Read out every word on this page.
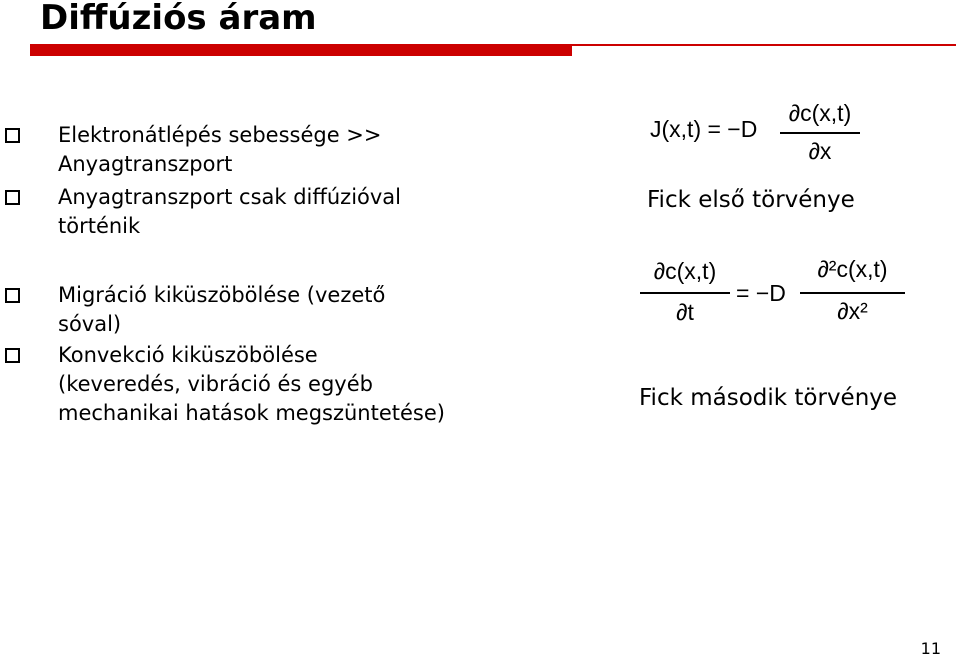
Diffúziós áram
Elektronátlépés sebessége >>
Anyagtranszport
Anyagtranszport csak diffúzióval
történik
Migráció kiküszöbölése (vezető
sóval)
Konvekció kiküszöbölése
(keveredés, vibráció és egyéb
mechanikai hatások megszüntetése)
J(x,t) = −D
∂c(x,t)
∂x
Fick első törvénye
∂c(x,t)
∂t
= −D
∂²c(x,t)
∂x²
Fick második törvénye
11
